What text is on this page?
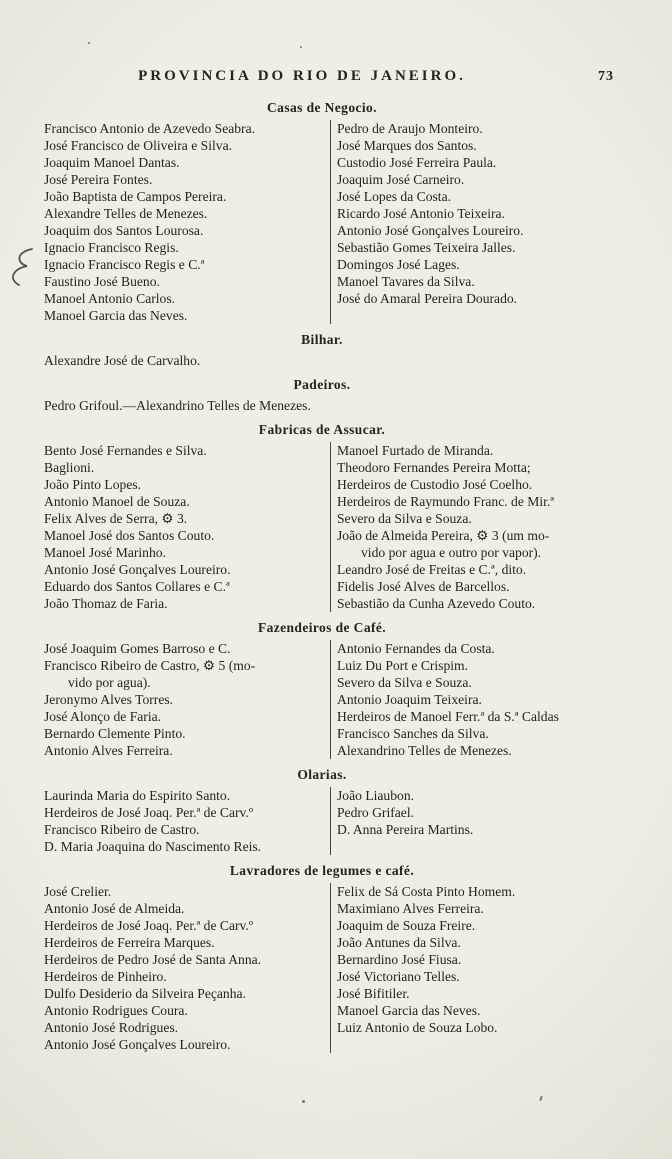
PROVINCIA DO RIO DE JANEIRO.	73
Casas de Negocio.
Francisco Antonio de Azevedo Seabra.
José Francisco de Oliveira e Silva.
Joaquim Manoel Dantas.
José Pereira Fontes.
João Baptista de Campos Pereira.
Alexandre Telles de Menezes.
Joaquim dos Santos Lourosa.
Ignacio Francisco Regis.
Ignacio Francisco Regis e C.ª
Faustino José Bueno.
Manoel Antonio Carlos.
Manoel Garcia das Neves.
Pedro de Araujo Monteiro.
José Marques dos Santos.
Custodio José Ferreira Paula.
Joaquim José Carneiro.
José Lopes da Costa.
Ricardo José Antonio Teixeira.
Antonio José Gonçalves Loureiro.
Sebastião Gomes Teixeira Jalles.
Domingos José Lages.
Manoel Tavares da Silva.
José do Amaral Pereira Dourado.
Bilhar.
Alexandre José de Carvalho.
Padeiros.
Pedro Grifoul.—Alexandrino Telles de Menezes.
Fabricas de Assucar.
Bento José Fernandes e Silva.
Baglioni.
João Pinto Lopes.
Antonio Manoel de Souza.
Felix Alves de Serra, ⚙ 3.
Manoel José dos Santos Couto.
Manoel José Marinho.
Antonio José Gonçalves Loureiro.
Eduardo dos Santos Collares e C.ª
João Thomaz de Faria.
Manoel Furtado de Miranda.
Theodoro Fernandes Pereira Motta;
Herdeiros de Custodio José Coelho.
Herdeiros de Raymundo Franc. de Mir.ª
Severo da Silva e Souza.
João de Almeida Pereira, ⚙ 3 (um mo-
vido por agua e outro por vapor).
Leandro José de Freitas e C.ª, dito.
Fidelis José Alves de Barcellos.
Sebastião da Cunha Azevedo Couto.
Fazendeiros de Café.
José Joaquim Gomes Barroso e C.
Francisco Ribeiro de Castro, ⚙ 5 (mo-
vido por agua).
Jeronymo Alves Torres.
José Alonço de Faria.
Bernardo Clemente Pinto.
Antonio Alves Ferreira.
Antonio Fernandes da Costa.
Luiz Du Port e Crispim.
Severo da Silva e Souza.
Antonio Joaquim Teixeira.
Herdeiros de Manoel Ferr.ª da S.ª Caldas
Francisco Sanches da Silva.
Alexandrino Telles de Menezes.
Olarias.
Laurinda Maria do Espirito Santo.
Herdeiros de José Joaq. Per.ª de Carv.º
Francisco Ribeiro de Castro.
D. Maria Joaquina do Nascimento Reis.
João Liaubon.
Pedro Grifael.
D. Anna Pereira Martins.
Lavradores de legumes e café.
José Crelier.
Antonio José de Almeida.
Herdeiros de José Joaq. Per.ª de Carv.º
Herdeiros de Ferreira Marques.
Herdeiros de Pedro José de Santa Anna.
Herdeiros de Pinheiro.
Dulfo Desiderio da Silveira Peçanha.
Antonio Rodrigues Coura.
Antonio José Rodrigues.
Antonio José Gonçalves Loureiro.
Felix de Sá Costa Pinto Homem.
Maximiano Alves Ferreira.
Joaquim de Souza Freire.
João Antunes da Silva.
Bernardino José Fiusa.
José Victoriano Telles.
José Bifitiler.
Manoel Garcia das Neves.
Luiz Antonio de Souza Lobo.
